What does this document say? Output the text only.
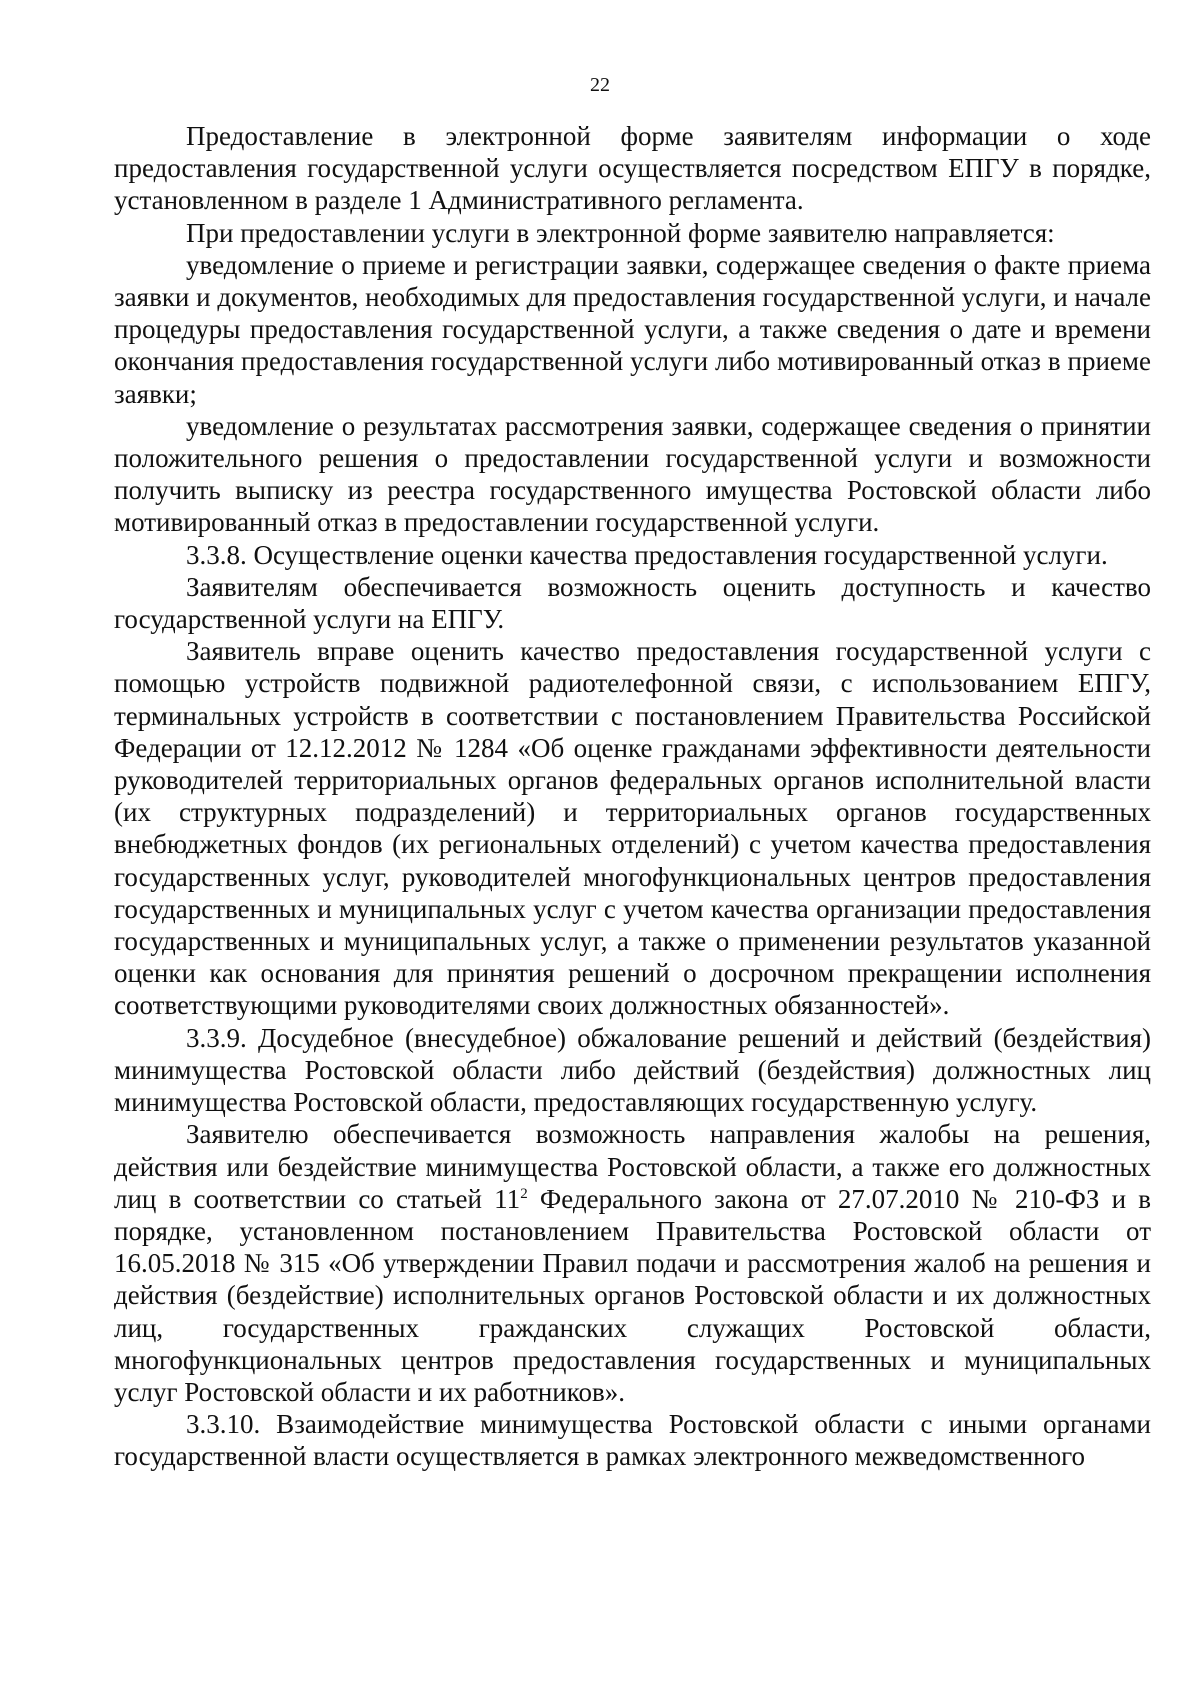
22

Предоставление в электронной форме заявителям информации о ходе предоставления государственной услуги осуществляется посредством ЕПГУ в порядке, установленном в разделе 1 Административного регламента.

При предоставлении услуги в электронной форме заявителю направляется:

уведомление о приеме и регистрации заявки, содержащее сведения о факте приема заявки и документов, необходимых для предоставления государственной услуги, и начале процедуры предоставления государственной услуги, а также сведения о дате и времени окончания предоставления государственной услуги либо мотивированный отказ в приеме заявки;

уведомление о результатах рассмотрения заявки, содержащее сведения о принятии положительного решения о предоставлении государственной услуги и возможности получить выписку из реестра государственного имущества Ростовской области либо мотивированный отказ в предоставлении государственной услуги.

3.3.8. Осуществление оценки качества предоставления государственной услуги.

Заявителям обеспечивается возможность оценить доступность и качество государственной услуги на ЕПГУ.

Заявитель вправе оценить качество предоставления государственной услуги с помощью устройств подвижной радиотелефонной связи, с использованием ЕПГУ, терминальных устройств в соответствии с постановлением Правительства Российской Федерации от 12.12.2012 № 1284 «Об оценке гражданами эффективности деятельности руководителей территориальных органов федеральных органов исполнительной власти (их структурных подразделений) и территориальных органов государственных внебюджетных фондов (их региональных отделений) с учетом качества предоставления государственных услуг, руководителей многофункциональных центров предоставления государственных и муниципальных услуг с учетом качества организации предоставления государственных и муниципальных услуг, а также о применении результатов указанной оценки как основания для принятия решений о досрочном прекращении исполнения соответствующими руководителями своих должностных обязанностей».

3.3.9. Досудебное (внесудебное) обжалование решений и действий (бездействия) минимущества Ростовской области либо действий (бездействия) должностных лиц минимущества Ростовской области, предоставляющих государственную услугу.

Заявителю обеспечивается возможность направления жалобы на решения, действия или бездействие минимущества Ростовской области, а также его должностных лиц в соответствии со статьей $11^2$ Федерального закона от 27.07.2010 № 210-ФЗ и в порядке, установленном постановлением Правительства Ростовской области от 16.05.2018 № 315 «Об утверждении Правил подачи и рассмотрения жалоб на решения и действия (бездействие) исполнительных органов Ростовской области и их должностных лиц, государственных гражданских служащих Ростовской области, многофункциональных центров предоставления государственных и муниципальных услуг Ростовской области и их работников».

3.3.10. Взаимодействие минимущества Ростовской области с иными органами государственной власти осуществляется в рамках электронного межведомственного
